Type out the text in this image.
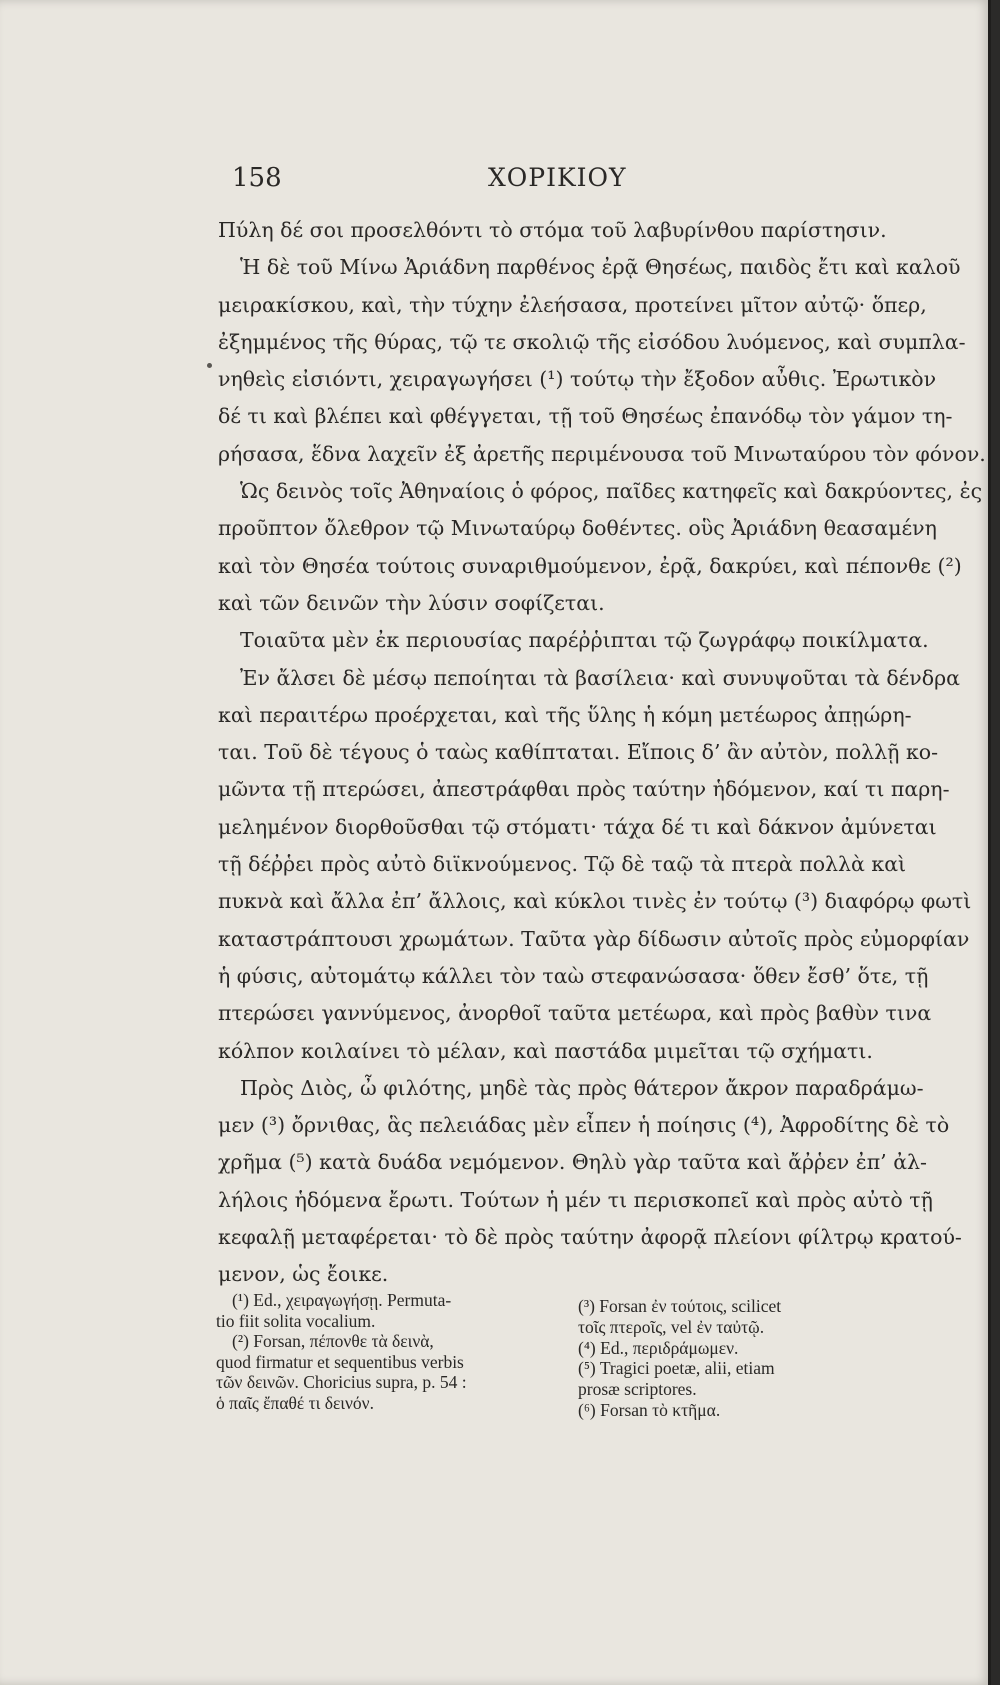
158	ΧΟΡΙΚΙΟΥ
Πύλη δέ σοι προσελθόντι τὸ στόμα τοῦ λαβυρίνθου παρίστησιν.
Ἡ δὲ τοῦ Μίνω Ἀριάδνη παρθένος ἐρᾷ Θησέως, παιδὸς ἔτι καὶ καλοῦ
μειρακίσκου, καὶ, τὴν τύχην ἐλεήσασα, προτείνει μῖτον αὐτῷ· ὅπερ,
ἐξημμένος τῆς θύρας, τῷ τε σκολιῷ τῆς εἰσόδου λυόμενος, καὶ συμπλα-
νηθεὶς εἰσιόντι, χειραγωγήσει (¹) τούτῳ τὴν ἔξοδον αὖθις. Ἐρωτικὸν
δέ τι καὶ βλέπει καὶ φθέγγεται, τῇ τοῦ Θησέως ἐπανόδῳ τὸν γάμον τη-
ρήσασα, ἕδνα λαχεῖν ἐξ ἀρετῆς περιμένουσα τοῦ Μινωταύρου τὸν φόνον.
Ὡς δεινὸς τοῖς Ἀθηναίοις ὁ φόρος, παῖδες κατηφεῖς καὶ δακρύοντες, ἐς
προῦπτον ὄλεθρον τῷ Μινωταύρῳ δοθέντες. οὓς Ἀριάδνη θεασαμένη
καὶ τὸν Θησέα τούτοις συναριθμούμενον, ἐρᾷ, δακρύει, καὶ πέπονθε (²)
καὶ τῶν δεινῶν τὴν λύσιν σοφίζεται.
Τοιαῦτα μὲν ἐκ περιουσίας παρέῤῥιπται τῷ ζωγράφῳ ποικίλματα.
Ἐν ἄλσει δὲ μέσῳ πεποίηται τὰ βασίλεια· καὶ συνυψοῦται τὰ δένδρα
καὶ περαιτέρω προέρχεται, καὶ τῆς ὕλης ἡ κόμη μετέωρος ἀπῃώρη-
ται. Τοῦ δὲ τέγους ὁ ταὼς καθίπταται. Εἴποις δ’ ἂν αὐτὸν, πολλῇ κο-
μῶντα τῇ πτερώσει, ἀπεστράφθαι πρὸς ταύτην ἡδόμενον, καί τι παρη-
μελημένον διορθοῦσθαι τῷ στόματι· τάχα δέ τι καὶ δάκνον ἀμύνεται
τῇ δέῤῥει πρὸς αὐτὸ διϊκνούμενος. Τῷ δὲ ταῷ τὰ πτερὰ πολλὰ καὶ
πυκνὰ καὶ ἄλλα ἐπ’ ἄλλοις, καὶ κύκλοι τινὲς ἐν τούτῳ (³) διαφόρῳ φωτὶ
καταστράπτουσι χρωμάτων. Ταῦτα γὰρ δίδωσιν αὐτοῖς πρὸς εὐμορφίαν
ἡ φύσις, αὐτομάτῳ κάλλει τὸν ταὼ στεφανώσασα· ὅθεν ἔσθ’ ὅτε, τῇ
πτερώσει γαννύμενος, ἀνορθοῖ ταῦτα μετέωρα, καὶ πρὸς βαθὺν τινα
κόλπον κοιλαίνει τὸ μέλαν, καὶ παστάδα μιμεῖται τῷ σχήματι.
Πρὸς Διὸς, ὦ φιλότης, μηδὲ τὰς πρὸς θάτερον ἄκρον παραδράμω-
μεν (³) ὄρνιθας, ἃς πελειάδας μὲν εἶπεν ἡ ποίησις (⁴), Ἀφροδίτης δὲ τὸ
χρῆμα (⁵) κατὰ δυάδα νεμόμενον. Θηλὺ γὰρ ταῦτα καὶ ἄῤῥεν ἐπ’ ἀλ-
λήλοις ἡδόμενα ἔρωτι. Τούτων ἡ μέν τι περισκοπεῖ καὶ πρὸς αὐτὸ τῇ
κεφαλῇ μεταφέρεται· τὸ δὲ πρὸς ταύτην ἀφορᾷ πλείονι φίλτρῳ κρατού-
μενον, ὡς ἔοικε.
(¹) Ed., χειραγωγήσῃ. Permuta-
tio fiit solita vocalium.
(²) Forsan, πέπονθε τὰ δεινὰ,
quod firmatur et sequentibus verbis
τῶν δεινῶν. Choricius supra, p. 54 :
ὁ παῖς ἔπαθέ τι δεινόν.
(³) Forsan ἐν τούτοις, scilicet
τοῖς πτεροῖς, vel ἐν ταὐτῷ.
(⁴) Ed., περιδράμωμεν.
(⁵) Tragici poetæ, alii, etiam
prosæ scriptores.
(⁶) Forsan τὸ κτῆμα.
